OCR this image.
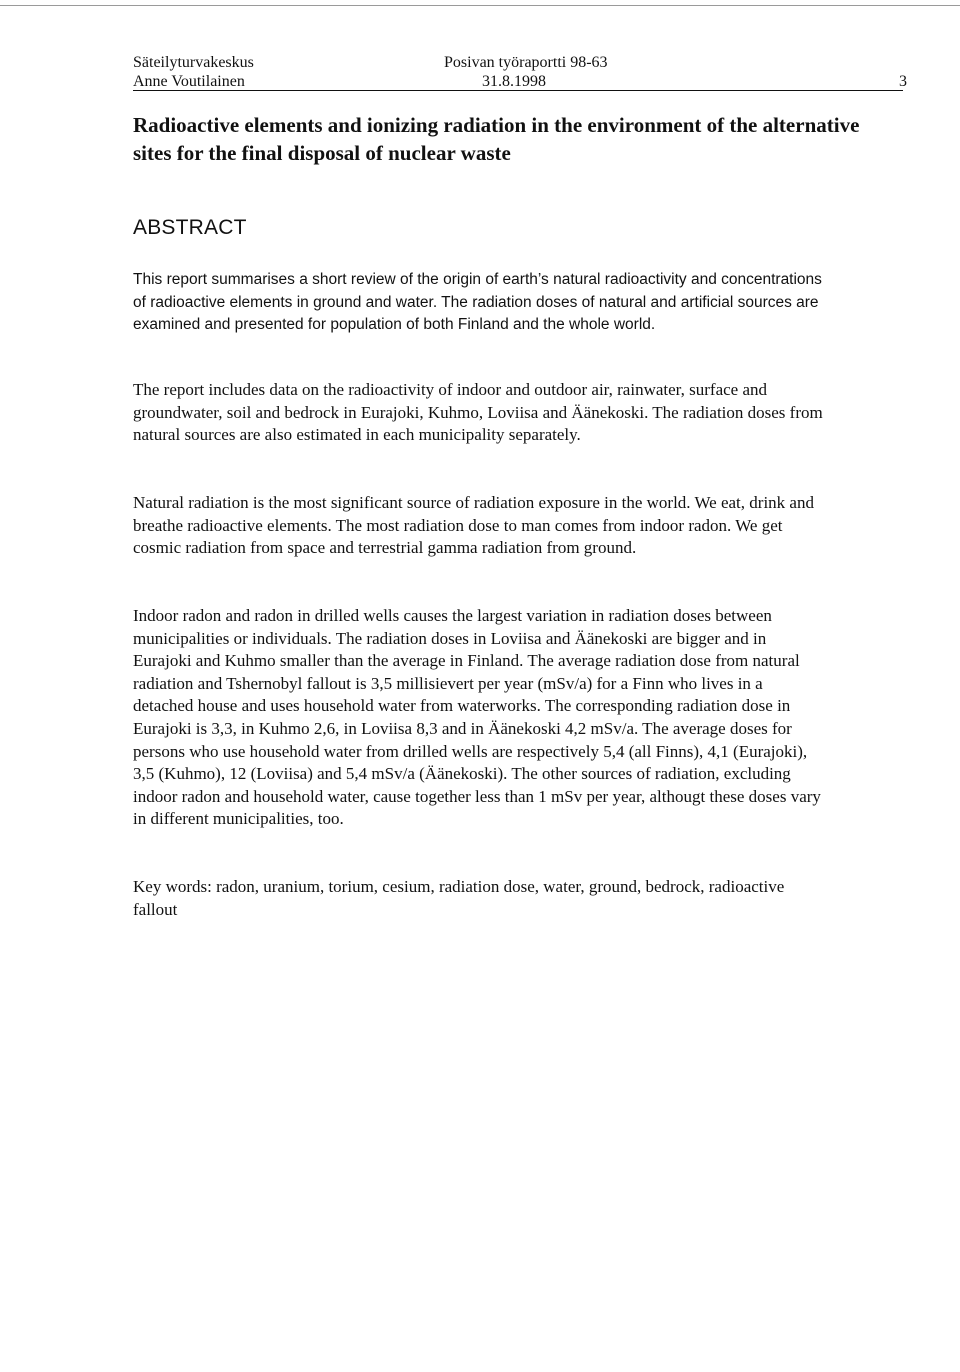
Säteilyturvakeskus
Anne Voutilainen
Posivan työraportti 98-63
31.8.1998	3
Radioactive elements and ionizing radiation in the environment of the alternative sites for the final disposal of nuclear waste
ABSTRACT

This report summarises a short review of the origin of earth’s natural radioactivity and concentrations of radioactive elements in ground and water. The radiation doses of natural and artificial sources are examined and presented for population of both Finland and the whole world.

The report includes data on the radioactivity of indoor and outdoor air, rainwater, surface and groundwater, soil and bedrock in Eurajoki, Kuhmo, Loviisa and Äänekoski. The radiation doses from natural sources are also estimated in each municipality separately.

Natural radiation is the most significant source of radiation exposure in the world. We eat, drink and breathe radioactive elements. The most radiation dose to man comes from indoor radon. We get cosmic radiation from space and terrestrial gamma radiation from ground.

Indoor radon and radon in drilled wells causes the largest variation in radiation doses between municipalities or individuals. The radiation doses in Loviisa and Äänekoski are bigger and in Eurajoki and Kuhmo smaller than the average in Finland. The average radiation dose from natural radiation and Tshernobyl fallout is 3,5 millisievert per year (mSv/a) for a Finn who lives in a detached house and uses household water from waterworks. The corresponding radiation dose in Eurajoki is 3,3, in Kuhmo 2,6, in Loviisa 8,3 and in Äänekoski 4,2 mSv/a. The average doses for persons who use household water from drilled wells are respectively 5,4 (all Finns), 4,1 (Eurajoki), 3,5 (Kuhmo), 12 (Loviisa) and 5,4 mSv/a (Äänekoski). The other sources of radiation, excluding indoor radon and household water, cause together less than 1 mSv per year, althougt these doses vary in different municipalities, too.

Key words: radon, uranium, torium, cesium, radiation dose, water, ground, bedrock, radioactive fallout
